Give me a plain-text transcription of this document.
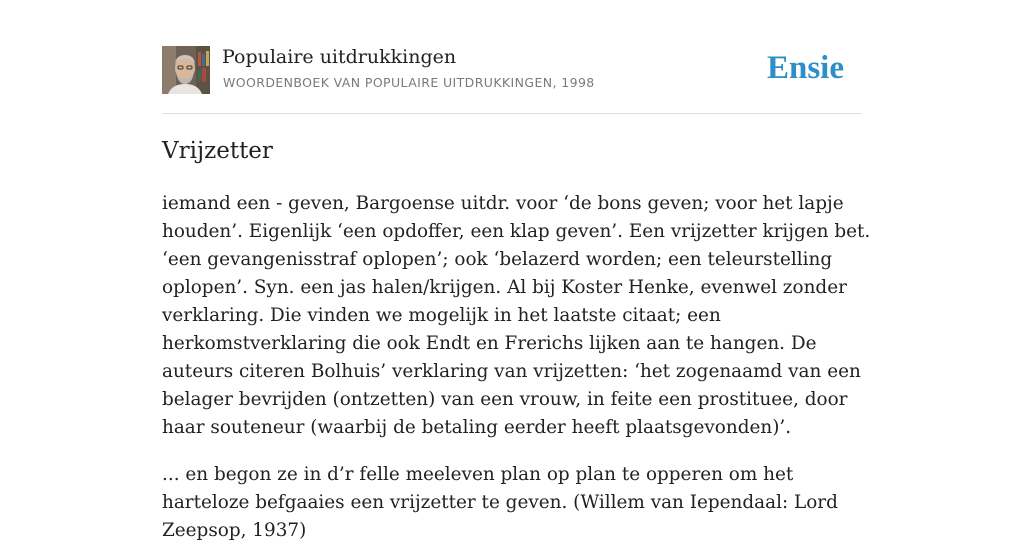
Populaire uitdrukkingen
WOORDENBOEK VAN POPULAIRE UITDRUKKINGEN, 1998	Ensie
Vrijzetter

iemand een - geven, Bargoense uitdr. voor ‘de bons geven; voor het lapje houden’. Eigenlijk ‘een opdoffer, een klap geven’. Een vrijzetter krijgen bet. ‘een gevangenisstraf oplopen’; ook ‘belazerd worden; een teleurstelling oplopen’. Syn. een jas halen/krijgen. Al bij Koster Henke, evenwel zonder verklaring. Die vinden we mogelijk in het laatste citaat; een herkomstverklaring die ook Endt en Frerichs lijken aan te hangen. De auteurs citeren Bolhuis’ verklaring van vrijzetten: ‘het zogenaamd van een belager bevrijden (ontzetten) van een vrouw, in feite een prostituee, door haar souteneur (waarbij de betaling eerder heeft plaatsgevonden)’.

... en begon ze in d’r felle meeleven plan op plan te opperen om het harteloze befgaaies een vrijzetter te geven. (Willem van Iependaal: Lord Zeepsop, 1937)
